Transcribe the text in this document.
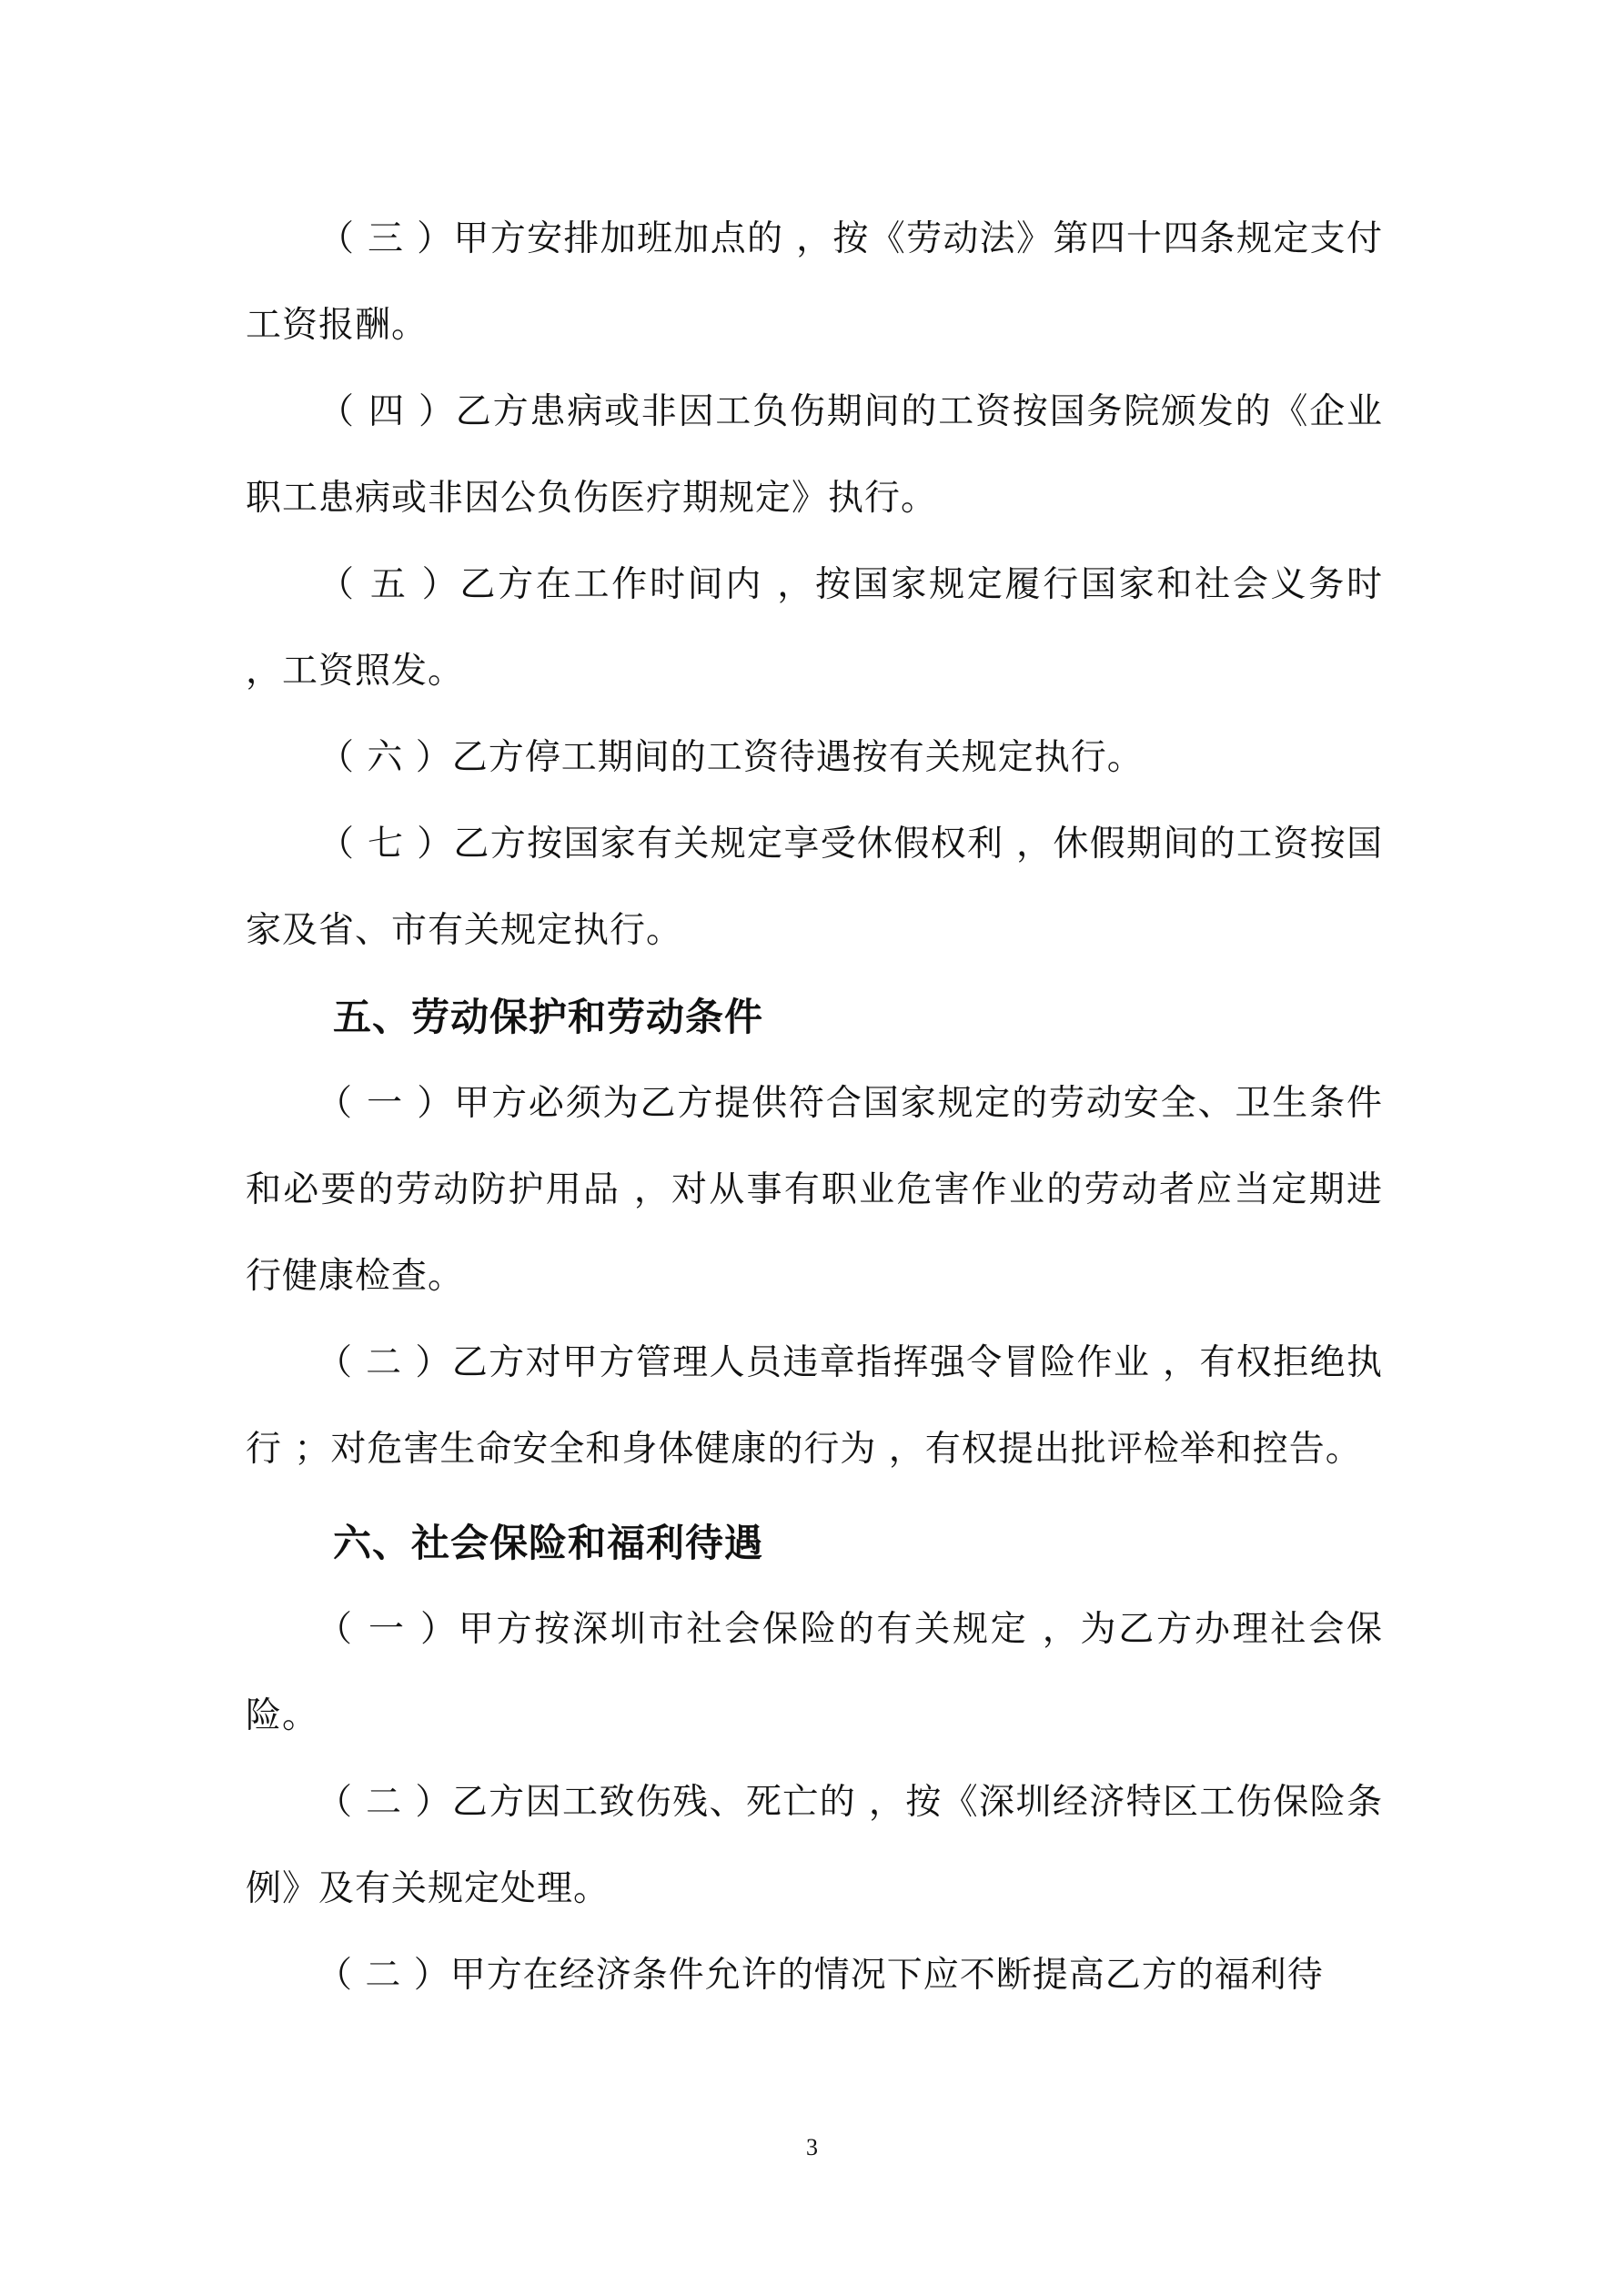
（ 三 ）甲方安排加班加点的 ，按《劳动法》第四十四条规定支付工资报酬。

（ 四 ）乙方患病或非因工负伤期间的工资按国务院颁发的《企业职工患病或非因公负伤医疗期规定》执行。

（ 五 ）乙方在工作时间内 ，按国家规定履行国家和社会义务时 ，工资照发。

（ 六 ）乙方停工期间的工资待遇按有关规定执行。

（ 七 ）乙方按国家有关规定享受休假权利 ，休假期间的工资按国家及省、市有关规定执行。

五、劳动保护和劳动条件

（ 一 ）甲方必须为乙方提供符合国家规定的劳动安全、卫生条件和必要的劳动防护用品 ，对从事有职业危害作业的劳动者应当定期进行健康检查。

（ 二 ）乙方对甲方管理人员违章指挥强令冒险作业 ，有权拒绝执行 ；对危害生命安全和身体健康的行为 ，有权提出批评检举和控告。

六、社会保险和福利待遇

（ 一 ）甲方按深圳市社会保险的有关规定 ，为乙方办理社会保险。

（ 二 ）乙方因工致伤残、死亡的 ，按《深圳经济特区工伤保险条例》及有关规定处理。

（ 二 ）甲方在经济条件允许的情况下应不断提高乙方的福利待

3
